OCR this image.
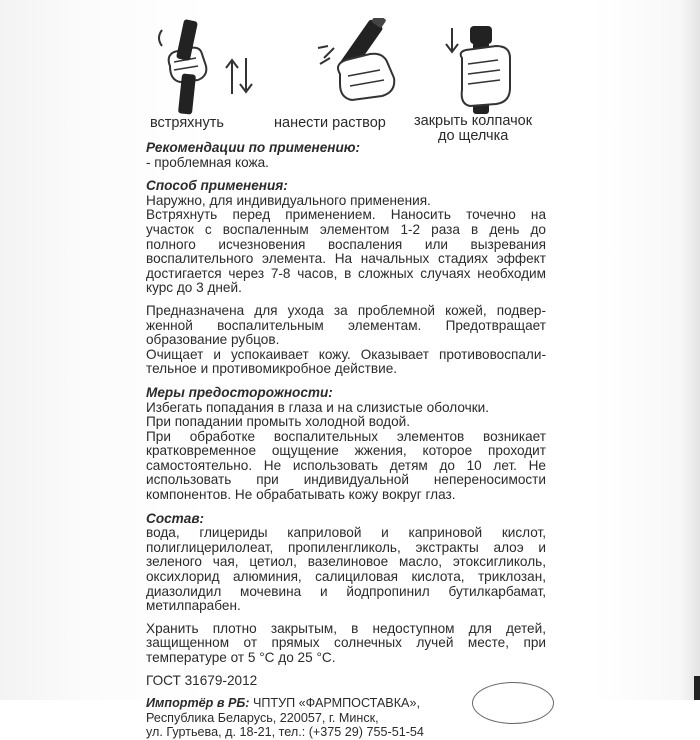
встряхнуть	нанести раствор закрыть колпачок
до щелчка

Рекомендации по применению:

- проблемная кожа.

Способ применения:

Наружно, для индивидуального применения.

Встряхнуть перед применением. Наносить точечно на

участок с воспаленным элементом 1-2 раза в день до

полного исчезновения воспаления или вызревания

воспалительного элемента. На начальных стадиях эффект

достигается через 7-8 часов, в сложных случаях необходим

курс до 3 дней.

Предназначена для ухода за проблемной кожей, подвер-

женной воспалительным элементам. Предотвращает

образование рубцов.

Очищает и успокаивает кожу. Оказывает противовоспали-

тельное и противомикробное действие.

Меры предосторожности:

Избегать попадания в глаза и на слизистые оболочки.

При попадании промыть холодной водой.

При обработке воспалительных элементов возникает

кратковременное ощущение жжения, которое проходит

самостоятельно. Не использовать детям до 10 лет. Не

использовать при индивидуальной непереносимости

компонентов. Не обрабатывать кожу вокруг глаз.

Состав:

вода, глицериды каприловой и каприновой кислот,

полиглицерилолеат, пропиленгликоль, экстракты алоэ и

зеленого чая, цетиол, вазелиновое масло, этоксигликоль,

оксихлорид алюминия, салициловая кислота, триклозан,

диазолидил мочевина и йодпропинил бутилкарбамат,

метилпарабен.

Хранить плотно закрытым, в недоступном для детей,

защищенном от прямых солнечных лучей месте, при

температуре от 5 °С до 25 °С.

ГОСТ 31679-2012

Импортёр в РБ: ЧПТУП «ФАРМПОСТАВКА»,

Республика Беларусь, 220057, г. Минск,

ул. Гуртьева, д. 18-21, тел.: (+375 29) 755-51-54
